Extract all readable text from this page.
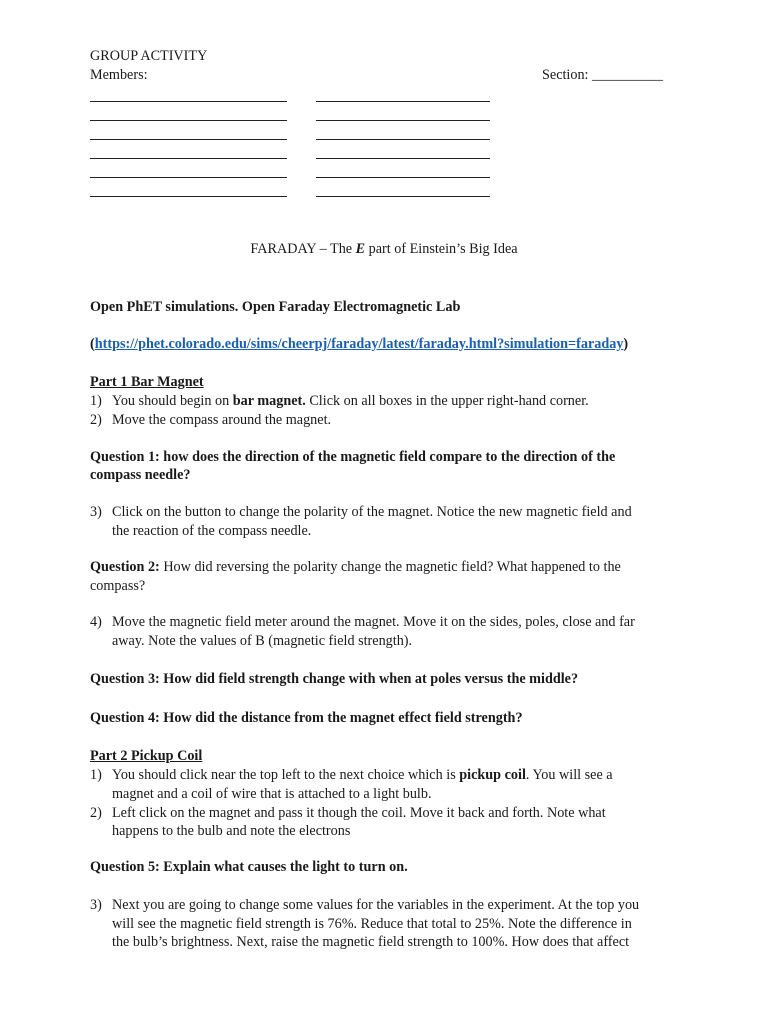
GROUP ACTIVITY
Members:	Section: __________
FARADAY – The E part of Einstein’s Big Idea
Open PhET simulations. Open Faraday Electromagnetic Lab
(https://phet.colorado.edu/sims/cheerpj/faraday/latest/faraday.html?simulation=faraday)
Part 1 Bar Magnet
1) You should begin on bar magnet. Click on all boxes in the upper right-hand corner.
2) Move the compass around the magnet.
Question 1: how does the direction of the magnetic field compare to the direction of the
compass needle?
3) Click on the button to change the polarity of the magnet. Notice the new magnetic field and
the reaction of the compass needle.
Question 2: How did reversing the polarity change the magnetic field? What happened to the
compass?
4) Move the magnetic field meter around the magnet. Move it on the sides, poles, close and far
away. Note the values of B (magnetic field strength).
Question 3: How did field strength change with when at poles versus the middle?
Question 4: How did the distance from the magnet effect field strength?
Part 2 Pickup Coil
1) You should click near the top left to the next choice which is pickup coil. You will see a
magnet and a coil of wire that is attached to a light bulb.
2) Left click on the magnet and pass it though the coil. Move it back and forth. Note what
happens to the bulb and note the electrons
Question 5: Explain what causes the light to turn on.
3) Next you are going to change some values for the variables in the experiment. At the top you
will see the magnetic field strength is 76%. Reduce that total to 25%. Note the difference in
the bulb’s brightness. Next, raise the magnetic field strength to 100%. How does that affect
